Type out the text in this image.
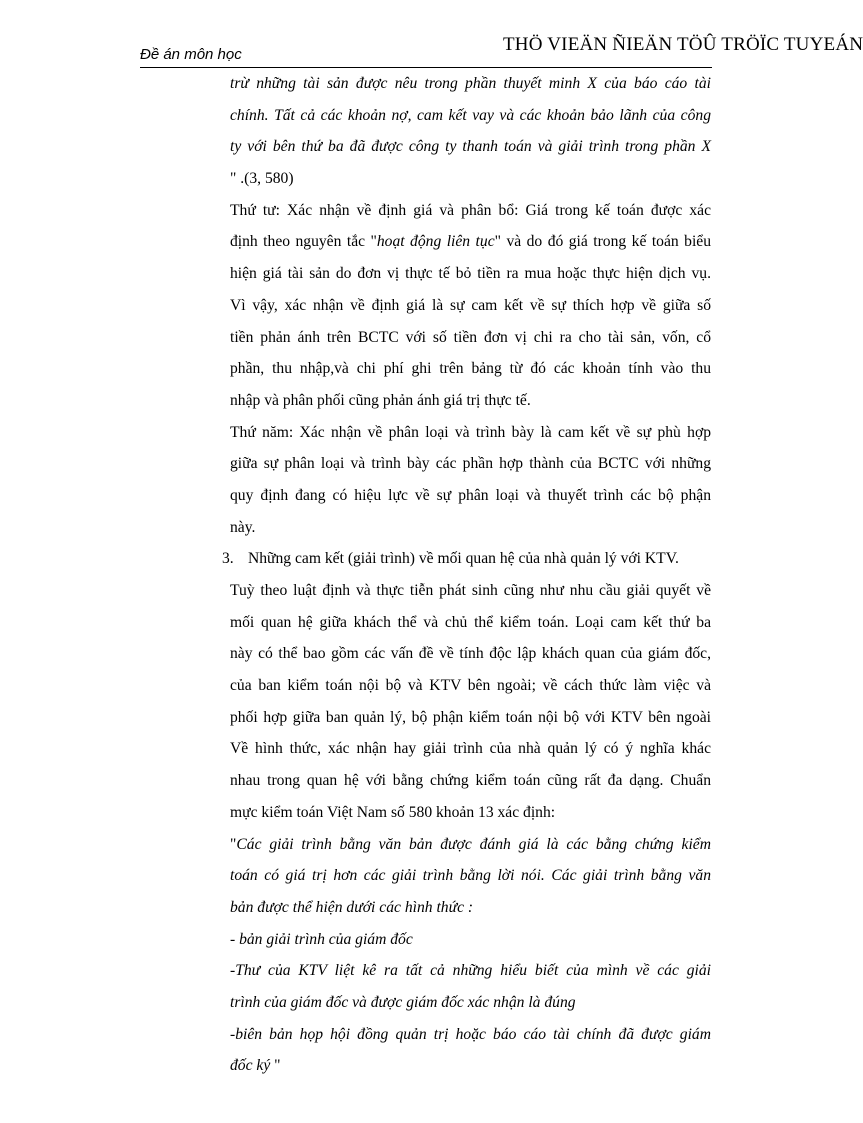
Đề án môn học	THÖ VIEÄN ÑIEÄN TÖÛ TRÖÏC TUYEÁN
trừ những tài sản được nêu trong phần thuyết minh X của báo cáo tài
chính. Tất cả các khoản nợ, cam kết vay và các khoản bảo lãnh của công
ty với bên thứ ba đã được công ty thanh toán và giải trình trong phần X
" .(3, 580)
Thứ tư: Xác nhận về định giá và phân bổ: Giá trong kế toán được xác
định theo nguyên tắc "hoạt động liên tục" và do đó giá trong kế toán biểu
hiện giá tài sản do đơn vị thực tế bỏ tiền ra mua hoặc thực hiện dịch vụ.
Vì vậy, xác nhận về định giá là sự cam kết về sự thích hợp về giữa số
tiền phản ánh trên BCTC với số tiền đơn vị chi ra cho tài sản, vốn, cổ
phần, thu nhập,và chi phí ghi trên bảng từ đó các khoản tính vào thu
nhập và phân phối cũng phản ánh giá trị thực tế.
Thứ năm: Xác nhận về phân loại và trình bày là cam kết về sự phù hợp
giữa sự phân loại và trình bày các phần hợp thành của BCTC với những
quy định đang có hiệu lực về sự phân loại và thuyết trình các bộ phận
này.
3. Những cam kết (giải trình) về mối quan hệ của nhà quản lý với KTV.
Tuỳ theo luật định và thực tiễn phát sinh cũng như nhu cầu giải quyết về
mối quan hệ giữa khách thể và chủ thể kiểm toán. Loại cam kết thứ ba
này có thể bao gồm các vấn đề về tính độc lập khách quan của giám đốc,
của ban kiểm toán nội bộ và KTV bên ngoài; về cách thức làm việc và
phối hợp giữa ban quản lý, bộ phận kiểm toán nội bộ với KTV bên ngoài
Về hình thức, xác nhận hay giải trình của nhà quản lý có ý nghĩa khác
nhau trong quan hệ với bằng chứng kiểm toán cũng rất đa dạng. Chuẩn
mực kiểm toán Việt Nam số 580 khoản 13 xác định:
"Các giải trình bằng văn bản được đánh giá là các bằng chứng kiểm
toán có giá trị hơn các giải trình bằng lời nói. Các giải trình bằng văn
bản được thể hiện dưới các hình thức :
- bản giải trình của giám đốc
-Thư của KTV liệt kê ra tất cả những hiểu biết của mình về các giải
trình của giám đốc và được giám đốc xác nhận là đúng
-biên bản họp hội đồng quản trị hoặc báo cáo tài chính đã được giám
đốc ký "
